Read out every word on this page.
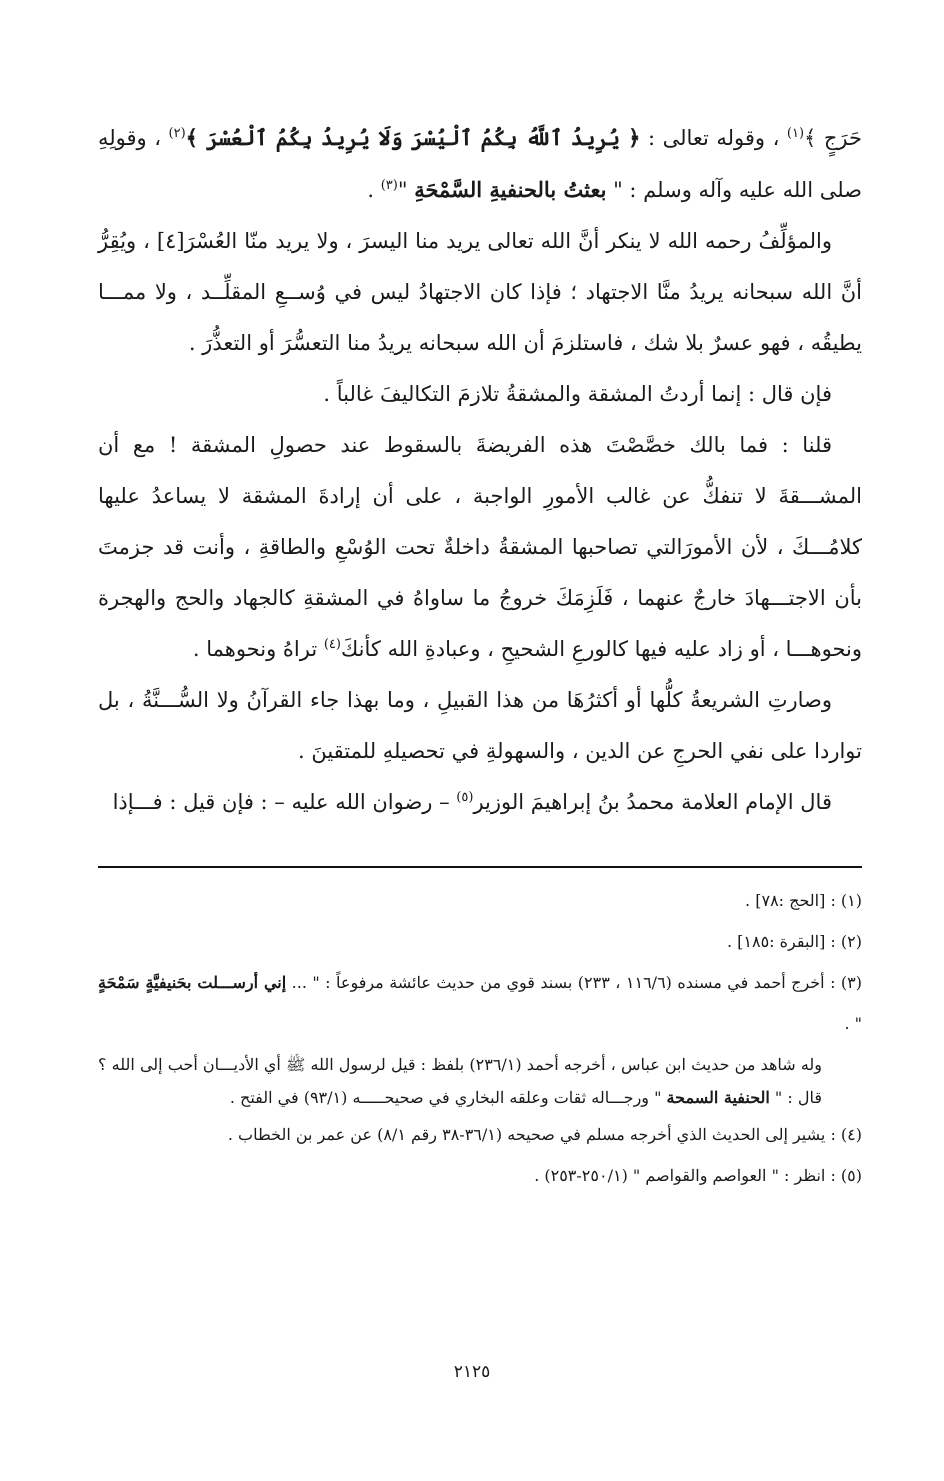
حَرَجٍ ﴾$^{(١)}$ ، وقوله تعالى : ﴿ يُرِيدُ ٱللَّهُ بِكُمُ ٱلْيُسْرَ وَلَا يُرِيدُ بِكُمُ ٱلْعُسْرَ ﴾$^{(٢)}$ ، وقولِهِ صلى الله عليه وآله وسلم : " بعثتُ بالحنفيةِ السَّمْحَةِ "$^{(٣)}$ .

والمؤلِّفُ رحمه الله لا ينكر أنَّ الله تعالى يريد منا اليسرَ ، ولا يريد منّا العُسْرَ[٤] ، ويُقِرُّ أنَّ الله سبحانه يريدُ منَّا الاجتهاد ؛ فإذا كان الاجتهادُ ليس في وُســعِ المقلِّــد ، ولا ممـــا يطيقُه ، فهو عسرٌ بلا شك ، فاستلزمَ أن الله سبحانه يريدُ منا التعسُّرَ أو التعذُّرَ .

فإن قال : إنما أردتُ المشقة والمشقةُ تلازمَ التكاليفَ غالباً .

قلنا : فما بالك خصَّصْتَ هذه الفريضةَ بالسقوط عند حصولِ المشقة ! مع أن المشـــقةَ لا تنفكُّ عن غالب الأمورِ الواجبة ، على أن إرادةَ المشقة لا يساعدُ عليها كلامُـــكَ ، لأن الأمورَالتي تصاحبها المشقةُ داخلةٌ تحت الوُسْعِ والطاقةِ ، وأنت قد جزمتَ بأن الاجتـــهادَ خارجٌ عنهما ، فَلَزِمَكَ خروجُ ما ساواهُ في المشقةِ كالجهاد والحج والهجرة ونحوهـــا ، أو زاد عليه فيها كالورعِ الشحيحِ ، وعبادةِ الله كأنكَ$^{(٤)}$ تراهُ ونحوهما .

وصارتِ الشريعةُ كلُّها أو أكثرُهَا من هذا القبيلِ ، وما بهذا جاء القرآنُ ولا السُّـــنَّةُ ، بل تواردا على نفي الحرجِ عن الدين ، والسهولةِ في تحصيلهِ للمتقينَ .

قال الإمام العلامة محمدُ بنُ إبراهيمَ الوزير$^{(٥)}$ – رضوان الله عليه – : فإن قيل : فـــإذا

(١) : [الحج :٧٨] .

(٢) : [البقرة :١٨٥] .

(٣) : أخرج أحمد في مسنده (١١٦/٦ ، ٢٣٣) بسند قوي من حديث عائشة مرفوعاً : " ... إني أرســـلت بحَنيفيَّةٍ سَمْحَةٍ " .

وله شاهد من حديث ابن عباس ، أخرجه أحمد (٢٣٦/١) بلفظ : قيل لرسول الله ﷺ أي الأديـــان أحب إلى الله ؟ قال : " الحنفية السمحة " ورجـــاله ثقات وعلقه البخاري في صحيحـــــه (٩٣/١) في الفتح .

(٤) : يشير إلى الحديث الذي أخرجه مسلم في صحيحه (٣٦/١-٣٨ رقم ٨/١) عن عمر بن الخطاب .

(٥) : انظر : " العواصم والقواصم " (٢٥٠/١-٢٥٣) .

٢١٢٥
